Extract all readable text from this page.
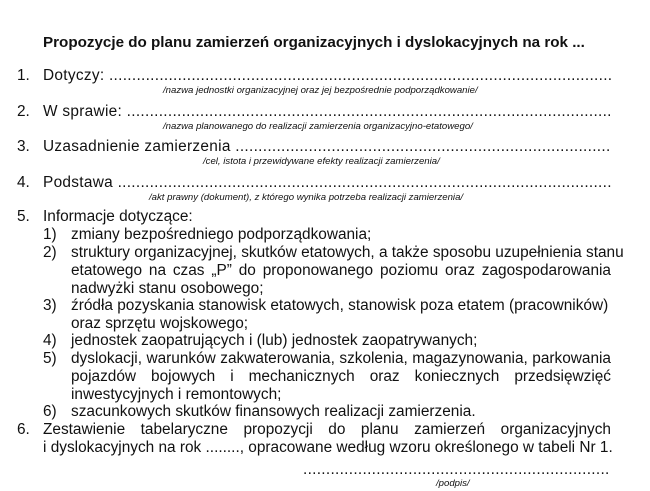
Propozycje do planu zamierzeń organizacyjnych i dyslokacyjnych na rok ...
1. Dotyczy: ..............................................................................................................
/nazwa jednostki organizacyjnej oraz jej bezpośrednie podporządkowanie/
2. W sprawie: ..........................................................................................................
/nazwa planowanego do realizacji zamierzenia organizacyjno-etatowego/
3. Uzasadnienie zamierzenia ..................................................................................
/cel, istota i przewidywane efekty realizacji zamierzenia/
4. Podstawa ............................................................................................................
/akt prawny (dokument), z którego wynika potrzeba realizacji zamierzenia/
5. Informacje dotyczące:
1) zmiany bezpośredniego podporządkowania;
2) struktury organizacyjnej, skutków etatowych, a także sposobu uzupełnienia stanu
etatowego na czas „P” do proponowanego poziomu oraz zagospodarowania
nadwyżki stanu osobowego;
3) źródła pozyskania stanowisk etatowych, stanowisk poza etatem (pracowników)
oraz sprzętu wojskowego;
4) jednostek zaopatrujących i (lub) jednostek zaopatrywanych;
5) dyslokacji, warunków zakwaterowania, szkolenia, magazynowania, parkowania
pojazdów bojowych i mechanicznych oraz koniecznych przedsięwzięć
inwestycyjnych i remontowych;
6) szacunkowych skutków finansowych realizacji zamierzenia.
6. Zestawienie tabelaryczne propozycji do planu zamierzeń organizacyjnych
i dyslokacyjnych na rok ........, opracowane według wzoru określonego w tabeli Nr 1.
...................................................................
/podpis/
